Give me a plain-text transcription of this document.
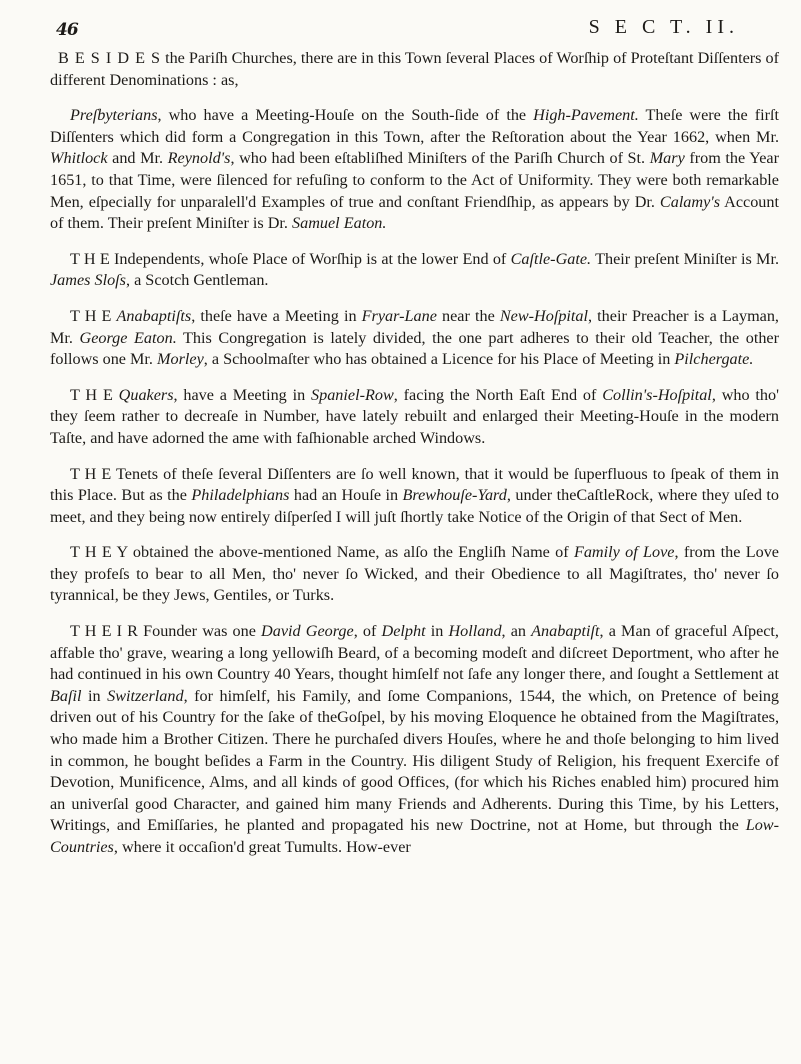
46	S E C T. II.

B E S I D E S the Pariſh Churches, there are in this Town ſeveral Places of Worſhip of Proteſtant Diſſenters of different Denominations : as,

Preſbyterians, who have a Meeting-Houſe on the South-ſide of the High-Pavement. Theſe were the firſt Diſſenters which did form a Congregation in this Town, after the Reſtoration about the Year 1662, when Mr. Whitlock and Mr. Reynold's, who had been eſtabliſhed Miniſters of the Pariſh Church of St. Mary from the Year 1651, to that Time, were ſilenced for refuſing to conform to the Act of Uniformity. They were both remarkable Men, eſpecially for unparalell'd Examples of true and conſtant Friendſhip, as appears by Dr. Calamy's Account of them. Their preſent Miniſter is Dr. Samuel Eaton.

T H E Independents, whoſe Place of Worſhip is at the lower End of Caſtle-Gate. Their preſent Miniſter is Mr. James Sloſs, a Scotch Gentleman.

T H E Anabaptiſts, theſe have a Meeting in Fryar-Lane near the New-Hoſpital, their Preacher is a Layman, Mr. George Eaton. This Congregation is lately divided, the one part adheres to their old Teacher, the other follows one Mr. Morley, a Schoolmaſter who has obtained a Licence for his Place of Meeting in Pilchergate.

T H E Quakers, have a Meeting in Spaniel-Row, facing the North Eaſt End of Collin's-Hoſpital, who tho' they ſeem rather to decreaſe in Number, have lately rebuilt and enlarged their Meeting-Houſe in the modern Taſte, and have adorned the ame with faſhionable arched Windows.

T H E Tenets of theſe ſeveral Diſſenters are ſo well known, that it would be ſuperfluous to ſpeak of them in this Place. But as the Philadelphians had an Houſe in Brewhouſe-Yard, under theCaſtleRock, where they uſed to meet, and they being now entirely diſperſed I will juſt ſhortly take Notice of the Origin of that Sect of Men.

T H E Y obtained the above-mentioned Name, as alſo the Engliſh Name of Family of Love, from the Love they profeſs to bear to all Men, tho' never ſo Wicked, and their Obedience to all Magiſtrates, tho' never ſo tyrannical, be they Jews, Gentiles, or Turks.

T H E I R Founder was one David George, of Delpht in Holland, an Anabaptiſt, a Man of graceful Aſpect, affable tho' grave, wearing a long yellowiſh Beard, of a becoming modeſt and diſcreet Deportment, who after he had continued in his own Country 40 Years, thought himſelf not ſafe any longer there, and ſought a Settlement at Baſil in Switzerland, for himſelf, his Family, and ſome Companions, 1544, the which, on Pretence of being driven out of his Country for the ſake of theGoſpel, by his moving Eloquence he obtained from the Magiſtrates, who made him a Brother Citizen. There he purchaſed divers Houſes, where he and thoſe belonging to him lived in common, he bought beſides a Farm in the Country. His diligent Study of Religion, his frequent Exercife of Devotion, Munificence, Alms, and all kinds of good Offices, (for which his Riches enabled him) procured him an univerſal good Character, and gained him many Friends and Adherents. During this Time, by his Letters, Writings, and Emiſſaries, he planted and propagated his new Doctrine, not at Home, but through the Low-Countries, where it occaſion'd great Tumults. How-ever
